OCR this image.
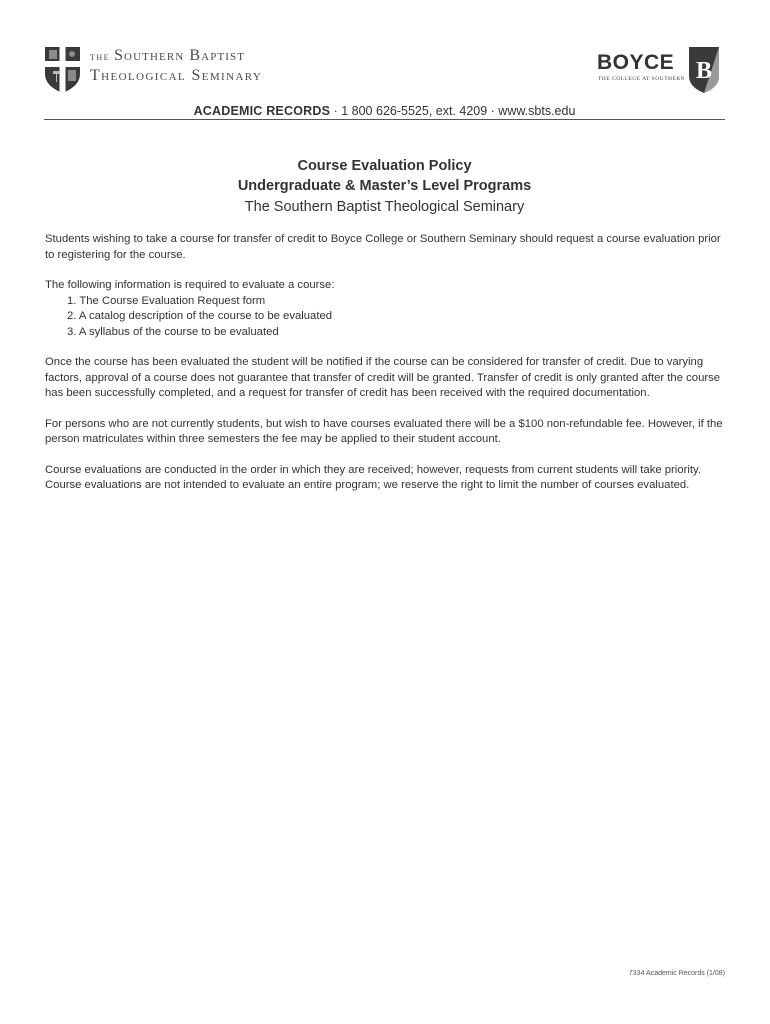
the Southern Baptist
Theological Seminary
BOYCE
THE COLLEGE AT SOUTHERN B
ACADEMIC RECORDS · 1 800 626-5525, ext. 4209 · www.sbts.edu
Course Evaluation Policy
Undergraduate & Master’s Level Programs
The Southern Baptist Theological Seminary

Students wishing to take a course for transfer of credit to Boyce College or Southern Seminary should request a course evaluation prior to registering for the course.

The following information is required to evaluate a course:
1. The Course Evaluation Request form
2. A catalog description of the course to be evaluated
3. A syllabus of the course to be evaluated

Once the course has been evaluated the student will be notified if the course can be considered for transfer of credit. Due to varying factors, approval of a course does not guarantee that transfer of credit will be granted. Transfer of credit is only granted after the course has been successfully completed, and a request for transfer of credit has been received with the required documentation.

For persons who are not currently students, but wish to have courses evaluated there will be a $100 non-refundable fee. However, if the person matriculates within three semesters the fee may be applied to their student account.

Course evaluations are conducted in the order in which they are received; however, requests from current students will take priority. Course evaluations are not intended to evaluate an entire program; we reserve the right to limit the number of courses evaluated.

7334 Academic Records (1/08)
